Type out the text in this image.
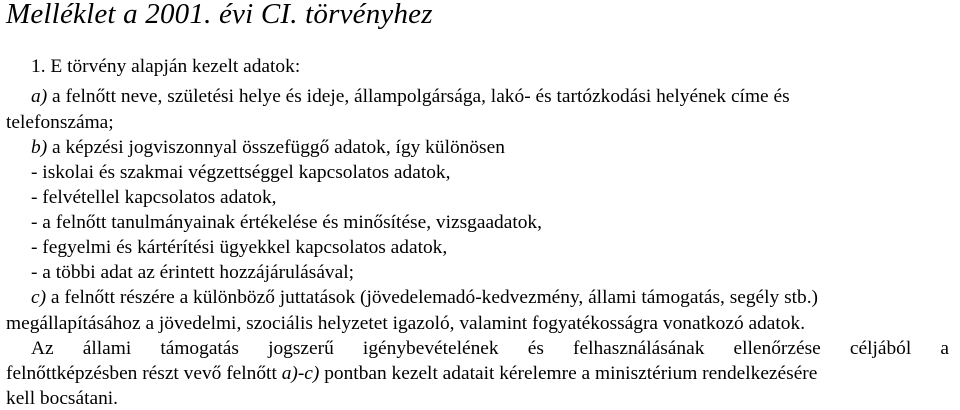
Melléklet a 2001. évi CI. törvényhez
1. E törvény alapján kezelt adatok:
a) a felnőtt neve, születési helye és ideje, állampolgársága, lakó- és tartózkodási helyének címe és
telefonszáma;
b) a képzési jogviszonnyal összefüggő adatok, így különösen
- iskolai és szakmai végzettséggel kapcsolatos adatok,
- felvétellel kapcsolatos adatok,
- a felnőtt tanulmányainak értékelése és minősítése, vizsgaadatok,
- fegyelmi és kártérítési ügyekkel kapcsolatos adatok,
- a többi adat az érintett hozzájárulásával;
c) a felnőtt részére a különböző juttatások (jövedelemadó-kedvezmény, állami támogatás, segély stb.)
megállapításához a jövedelmi, szociális helyzetet igazoló, valamint fogyatékosságra vonatkozó adatok.
Az állami támogatás jogszerű igénybevételének és felhasználásának ellenőrzése céljából a
felnőttképzésben részt vevő felnőtt a)-c) pontban kezelt adatait kérelemre a minisztérium rendelkezésére
kell bocsátani.
